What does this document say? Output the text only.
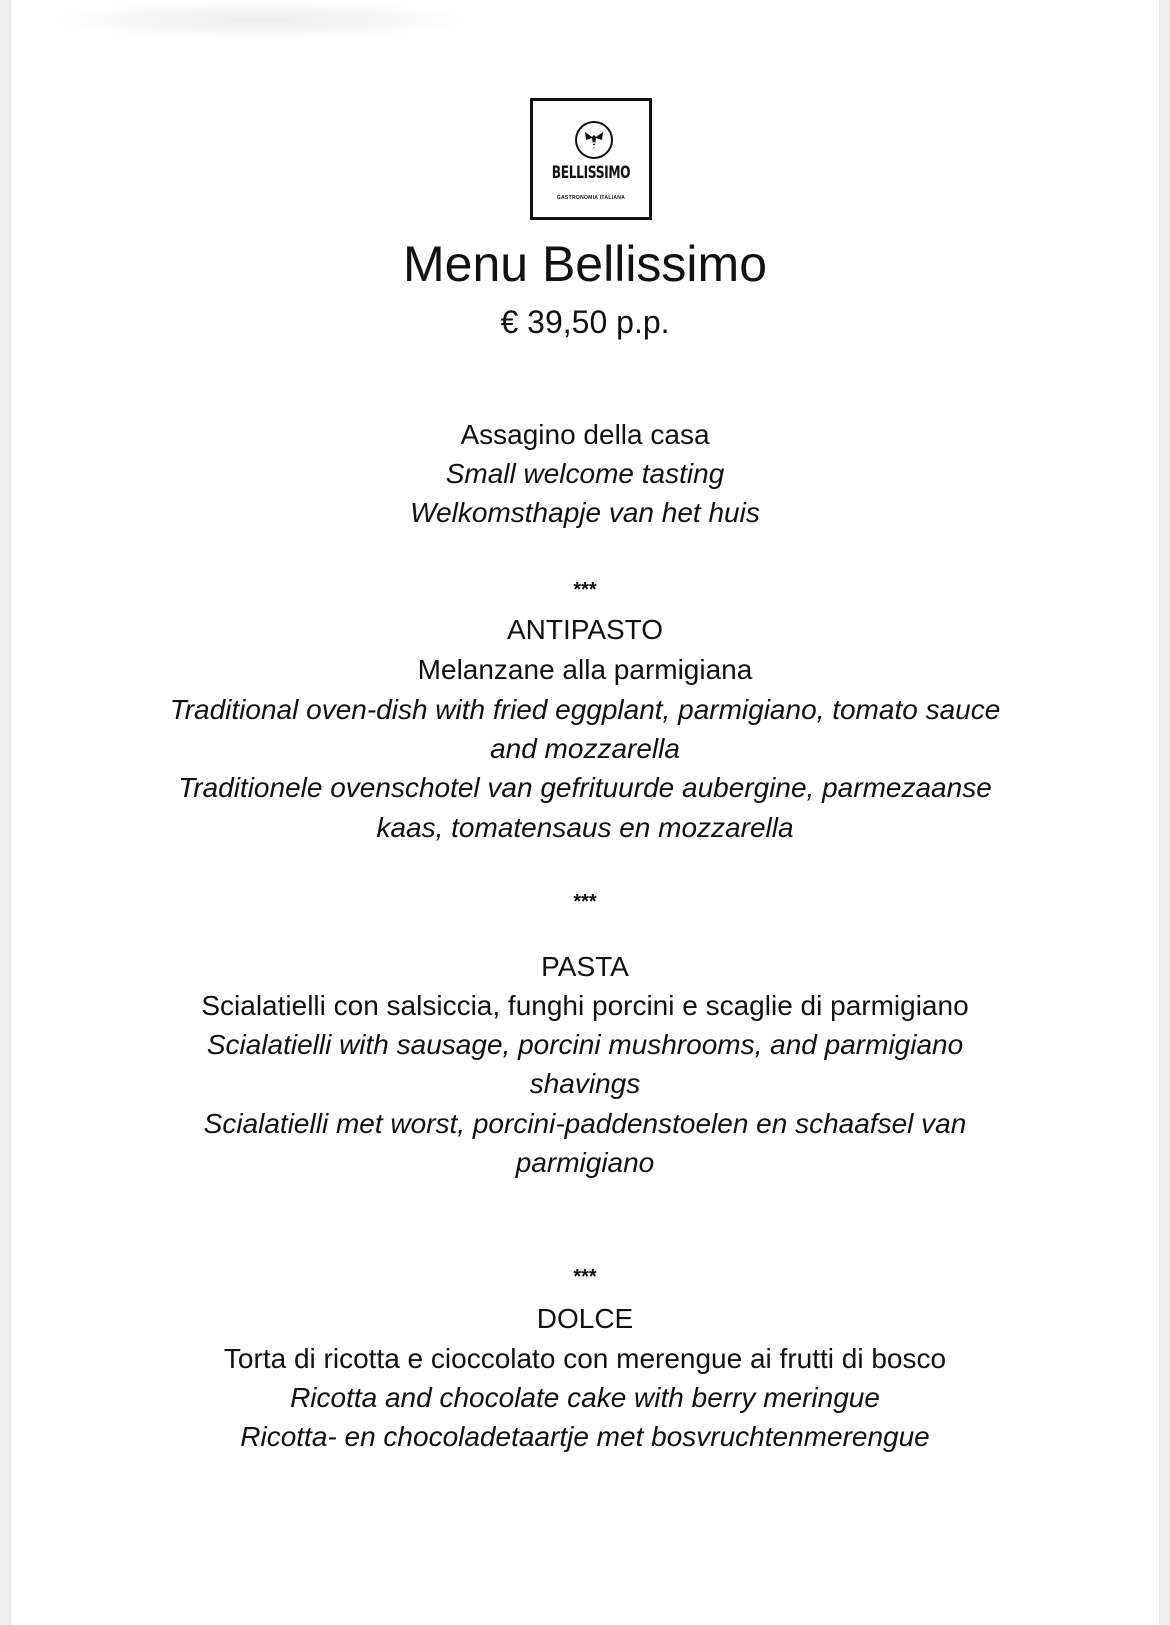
BELLISSIMO
GASTRONOMIA ITALIANA
Menu Bellissimo
€ 39,50 p.p.
Assagino della casa
Small welcome tasting
Welkomsthapje van het huis
***
ANTIPASTO
Melanzane alla parmigiana
Traditional oven-dish with fried eggplant, parmigiano, tomato sauce
and mozzarella
Traditionele ovenschotel van gefrituurde aubergine, parmezaanse
kaas, tomatensaus en mozzarella
***
PASTA
Scialatielli con salsiccia, funghi porcini e scaglie di parmigiano
Scialatielli with sausage, porcini mushrooms, and parmigiano
shavings
Scialatielli met worst, porcini-paddenstoelen en schaafsel van
parmigiano
***
DOLCE
Torta di ricotta e cioccolato con merengue ai frutti di bosco
Ricotta and chocolate cake with berry meringue
Ricotta- en chocoladetaartje met bosvruchtenmerengue
